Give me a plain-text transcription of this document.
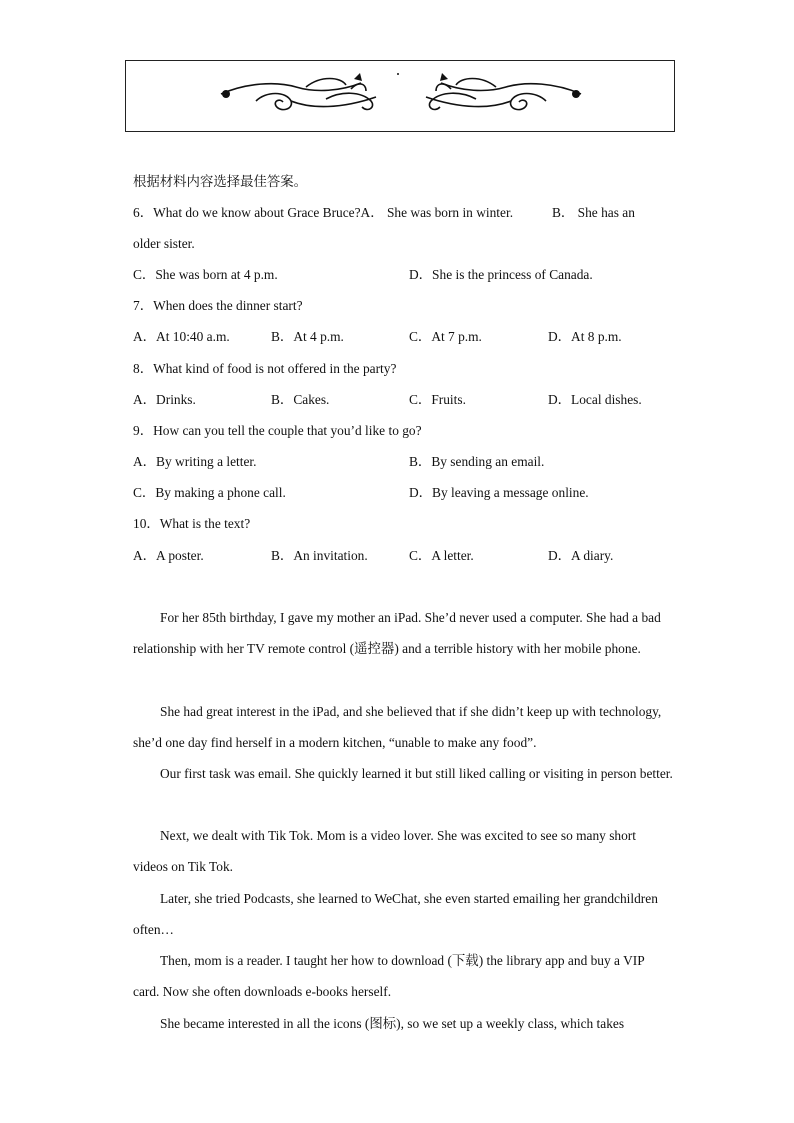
根据材料内容选择最佳答案。
6．What do we know about Grace Bruce?A． She was born in winter.	B． She has an
older sister.
C．She was born at 4 p.m.	D．She is the princess of Canada.
7．When does the dinner start?
A．At 10:40 a.m.	B．At 4 p.m.	C．At 7 p.m.	D．At 8 p.m.
8．What kind of food is not offered in the party?
A．Drinks.	B．Cakes.	C．Fruits.	D．Local dishes.
9．How can you tell the couple that you’d like to go?
A．By writing a letter.	B．By sending an email.
C．By making a phone call.	D．By leaving a message online.
10．What is the text?
A．A poster.	B．An invitation.	C．A letter.	D．A diary.

For her 85th birthday, I gave my mother an iPad. She’d never used a computer. She had a bad relationship with her TV remote control (遥控器) and a terrible history with her mobile phone.

She had great interest in the iPad, and she believed that if she didn’t keep up with technology, she’d one day find herself in a modern kitchen, “unable to make any food”.

Our first task was email. She quickly learned it but still liked calling or visiting in person better.

Next, we dealt with Tik Tok. Mom is a video lover. She was excited to see so many short videos on Tik Tok.

Later, she tried Podcasts, she learned to WeChat, she even started emailing her grandchildren often…

Then, mom is a reader. I taught her how to download (下载) the library app and buy a VIP card. Now she often downloads e-books herself.

She became interested in all the icons (图标), so we set up a weekly class, which takes
